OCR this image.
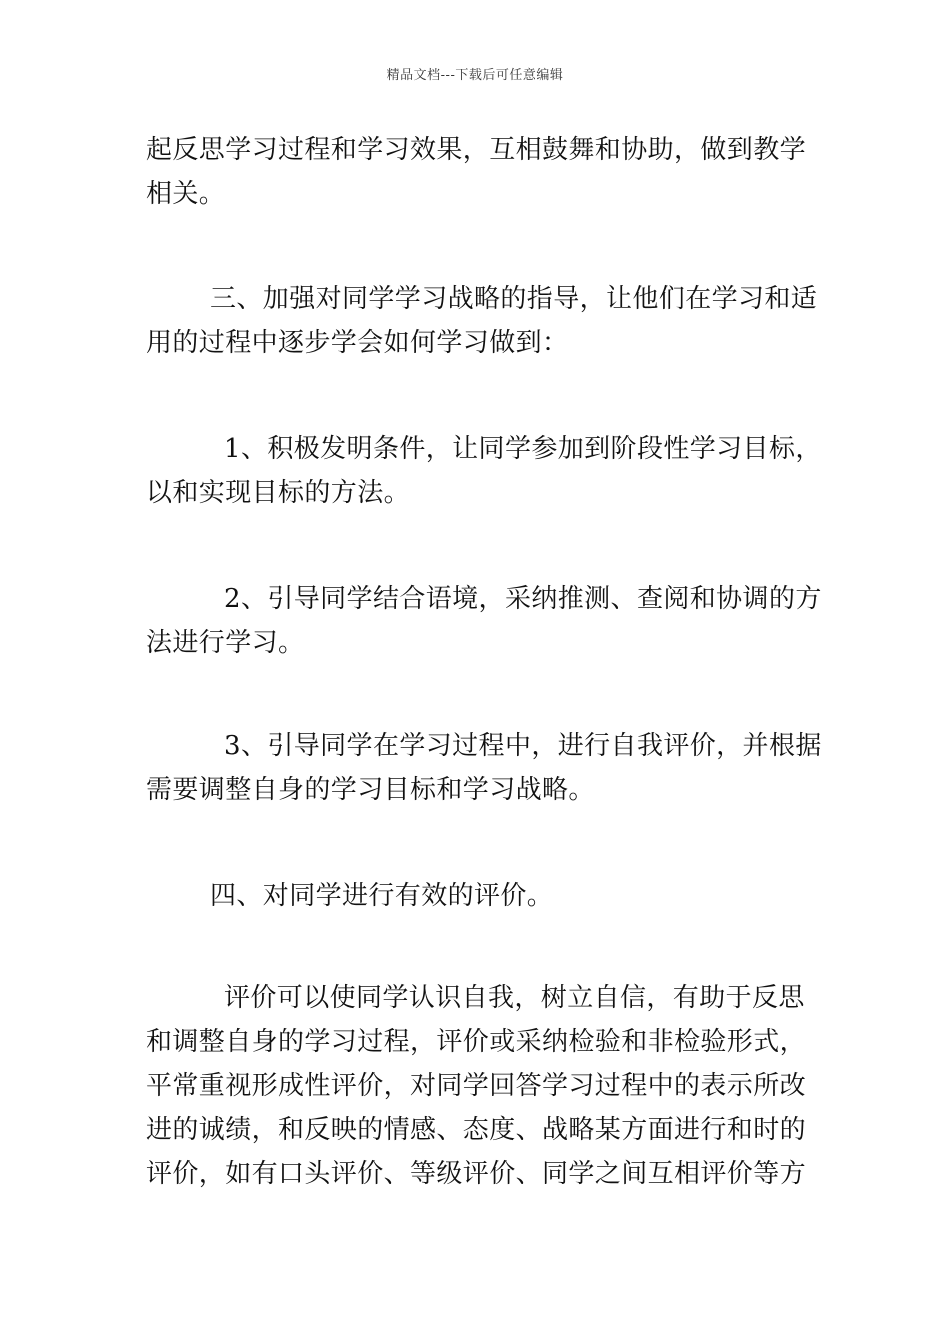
精品文档---下载后可任意编辑
起反思学习过程和学习效果，互相鼓舞和协助，做到教学
相关。
三、加强对同学学习战略的指导，让他们在学习和适
用的过程中逐步学会如何学习做到：
1、积极发明条件，让同学参加到阶段性学习目标，
以和实现目标的方法。
2、引导同学结合语境，采纳推测、查阅和协调的方
法进行学习。
3、引导同学在学习过程中，进行自我评价，并根据
需要调整自身的学习目标和学习战略。
四、对同学进行有效的评价。
评价可以使同学认识自我，树立自信，有助于反思
和调整自身的学习过程，评价或采纳检验和非检验形式，
平常重视形成性评价，对同学回答学习过程中的表示所改
进的诚绩，和反映的情感、态度、战略某方面进行和时的
评价，如有口头评价、等级评价、同学之间互相评价等方
